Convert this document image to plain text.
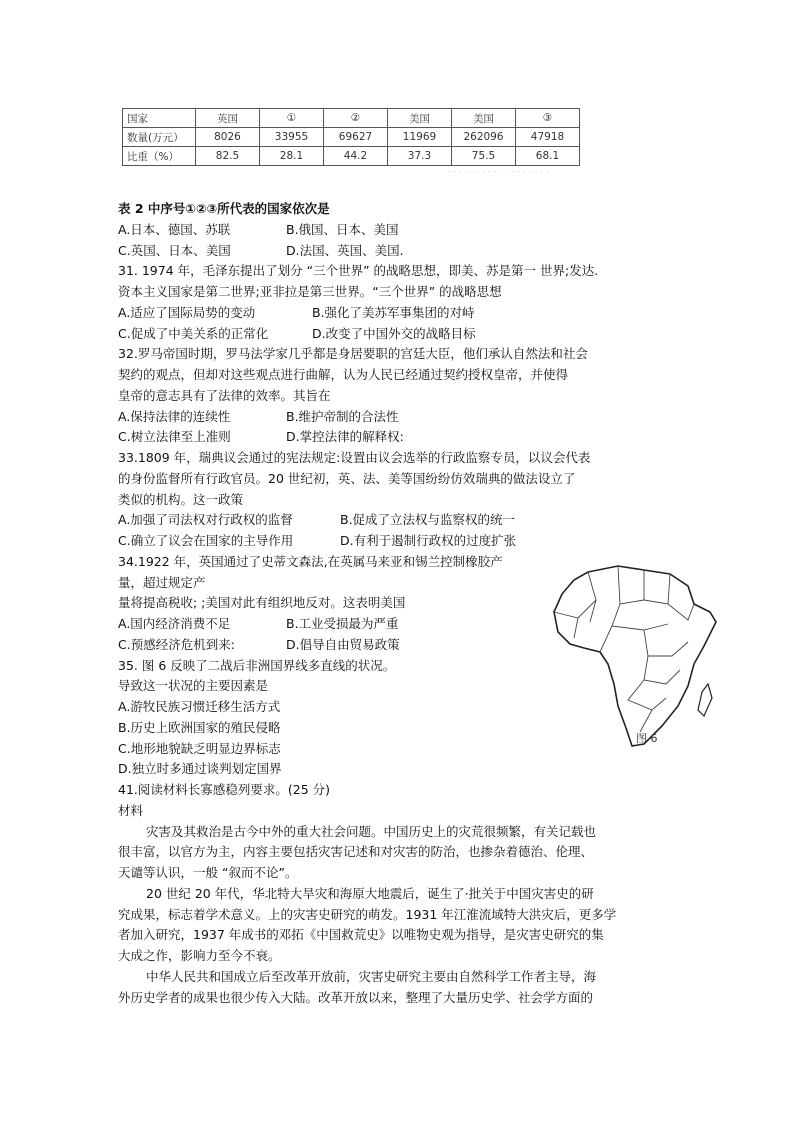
国家	英国	①	②	美国	美国	③
数量(万元）	8026	33955	69627	11969	262096	47918
比重（%）	82.5	28.1	44.2	37.3	75.5	68.1
· · · · · · · · · · · · · · · · · ·
表 2 中序号①②③所代表的国家依次是
A.日本、德国、苏联	B.俄国、日本、美国
C.英国、日本、美国	D.法国、英国、美国.
31. 1974 年，毛泽东提出了划分 “三个世界” 的战略思想，即美、苏是第一 世界;发达.
资本主义国家是第二世界;亚非拉是第三世界。“三个世界” 的战略思想
A.适应了国际局势的变动	B.强化了美苏军事集团的对峙
C.促成了中美关系的正常化	D.改变了中国外交的战略目标
32.罗马帝国时期，罗马法学家几乎都是身居要职的宫廷大臣，他们承认自然法和社会
契约的观点，但却对这些观点进行曲解，认为人民已经通过契约授权皇帝，并使得
皇帝的意志具有了法律的效率。其旨在
A.保持法律的连续性	B.维护帝制的合法性
C.树立法律至上准则	D.掌控法律的解释权:
33.1809 年，瑞典议会通过的宪法规定:设置由议会选举的行政监察专员，以议会代表
的身份监督所有行政官员。20 世纪初，英、法、美等国纷纷仿效瑞典的做法设立了
类似的机构。这一政策
A.加强了司法权对行政权的监督	B.促成了立法权与监察权的统一
C.确立了议会在国家的主导作用	D.有利于遏制行政权的过度扩张
34.1922 年，英国通过了史蒂文森法,在英属马来亚和锡兰控制橡胶产
量，超过规定产
量将提高税收; ;美国对此有组织地反对。这表明美国
A.国内经济消费不足	B.工业受损最为严重
C.预感经济危机到来:	D.倡导自由贸易政策
35. 图 6 反映了二战后非洲国界线多直线的状况。
导致这一状况的主要因素是
A.游牧民族习惯迁移生活方式
B.历史上欧洲国家的殖民侵略
C.地形地貌缺乏明显边界标志
D.独立时多通过谈判划定国界
41.阅读材料长寡感稳列要求。(25 分)
材料
灾害及其救治是古今中外的重大社会问题。中国历史上的灾荒很频繁，有关记载也
很丰富，以官方为主，内容主要包括灾害记述和对灾害的防治，也掺杂着德治、伦理、
天谴等认识，一般 “叙而不论”。
20 世纪 20 年代，华北特大旱灾和海原大地震后，诞生了·批关于中国灾害史的研
究成果，标志着学术意义。上的灾害史研究的萌发。1931 年江淮流域特大洪灾后，更多学
者加入研究，1937 年成书的邓拓《中国救荒史》以唯物史观为指导，是灾害史研究的集
大成之作，影响力至今不衰。
中华人民共和国成立后至改革开放前，灾害史研究主要由自然科学工作者主导，海
外历史学者的成果也很少传入大陆。改革开放以来，整理了大量历史学、社会学方面的
图 6
